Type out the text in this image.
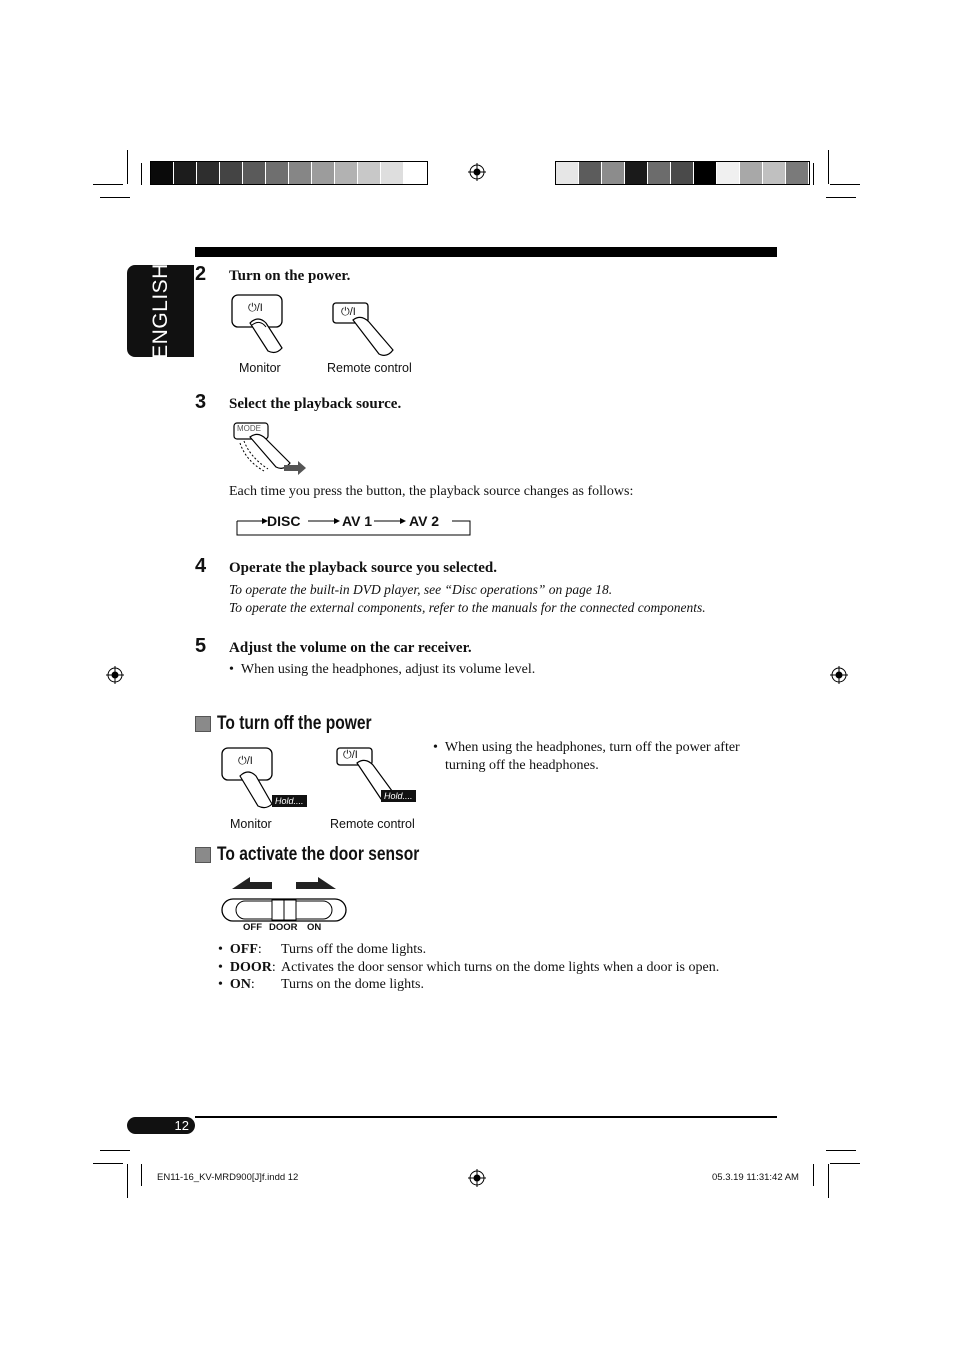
ENGLISH 2 Turn on the power.
⏻/I	⏻/I
Monitor	Remote control
3 Select the playback source.
MODE
Each time you press the button, the playback source changes as follows:
DISC	AV 1	AV 2
4 Operate the playback source you selected.
To operate the built-in DVD player, see “Disc operations” on page 18.
To operate the external components, refer to the manuals for the connected components.
5 Adjust the volume on the car receiver.
•  When using the headphones, adjust its volume level.
To turn off the power
⏻/I
Hold....
⏻/I
Hold....
Monitor	Remote control
•  When using the headphones, turn off the power after
turning off the headphones.
To activate the door sensor
OFF DOOR ON
•  OFF: Turns off the dome lights.
•  DOOR: Activates the door sensor which turns on the dome lights when a door is open.
•  ON: Turns on the dome lights.
12
EN11-16_KV-MRD900[J]f.indd 12	05.3.19 11:31:42 AM
